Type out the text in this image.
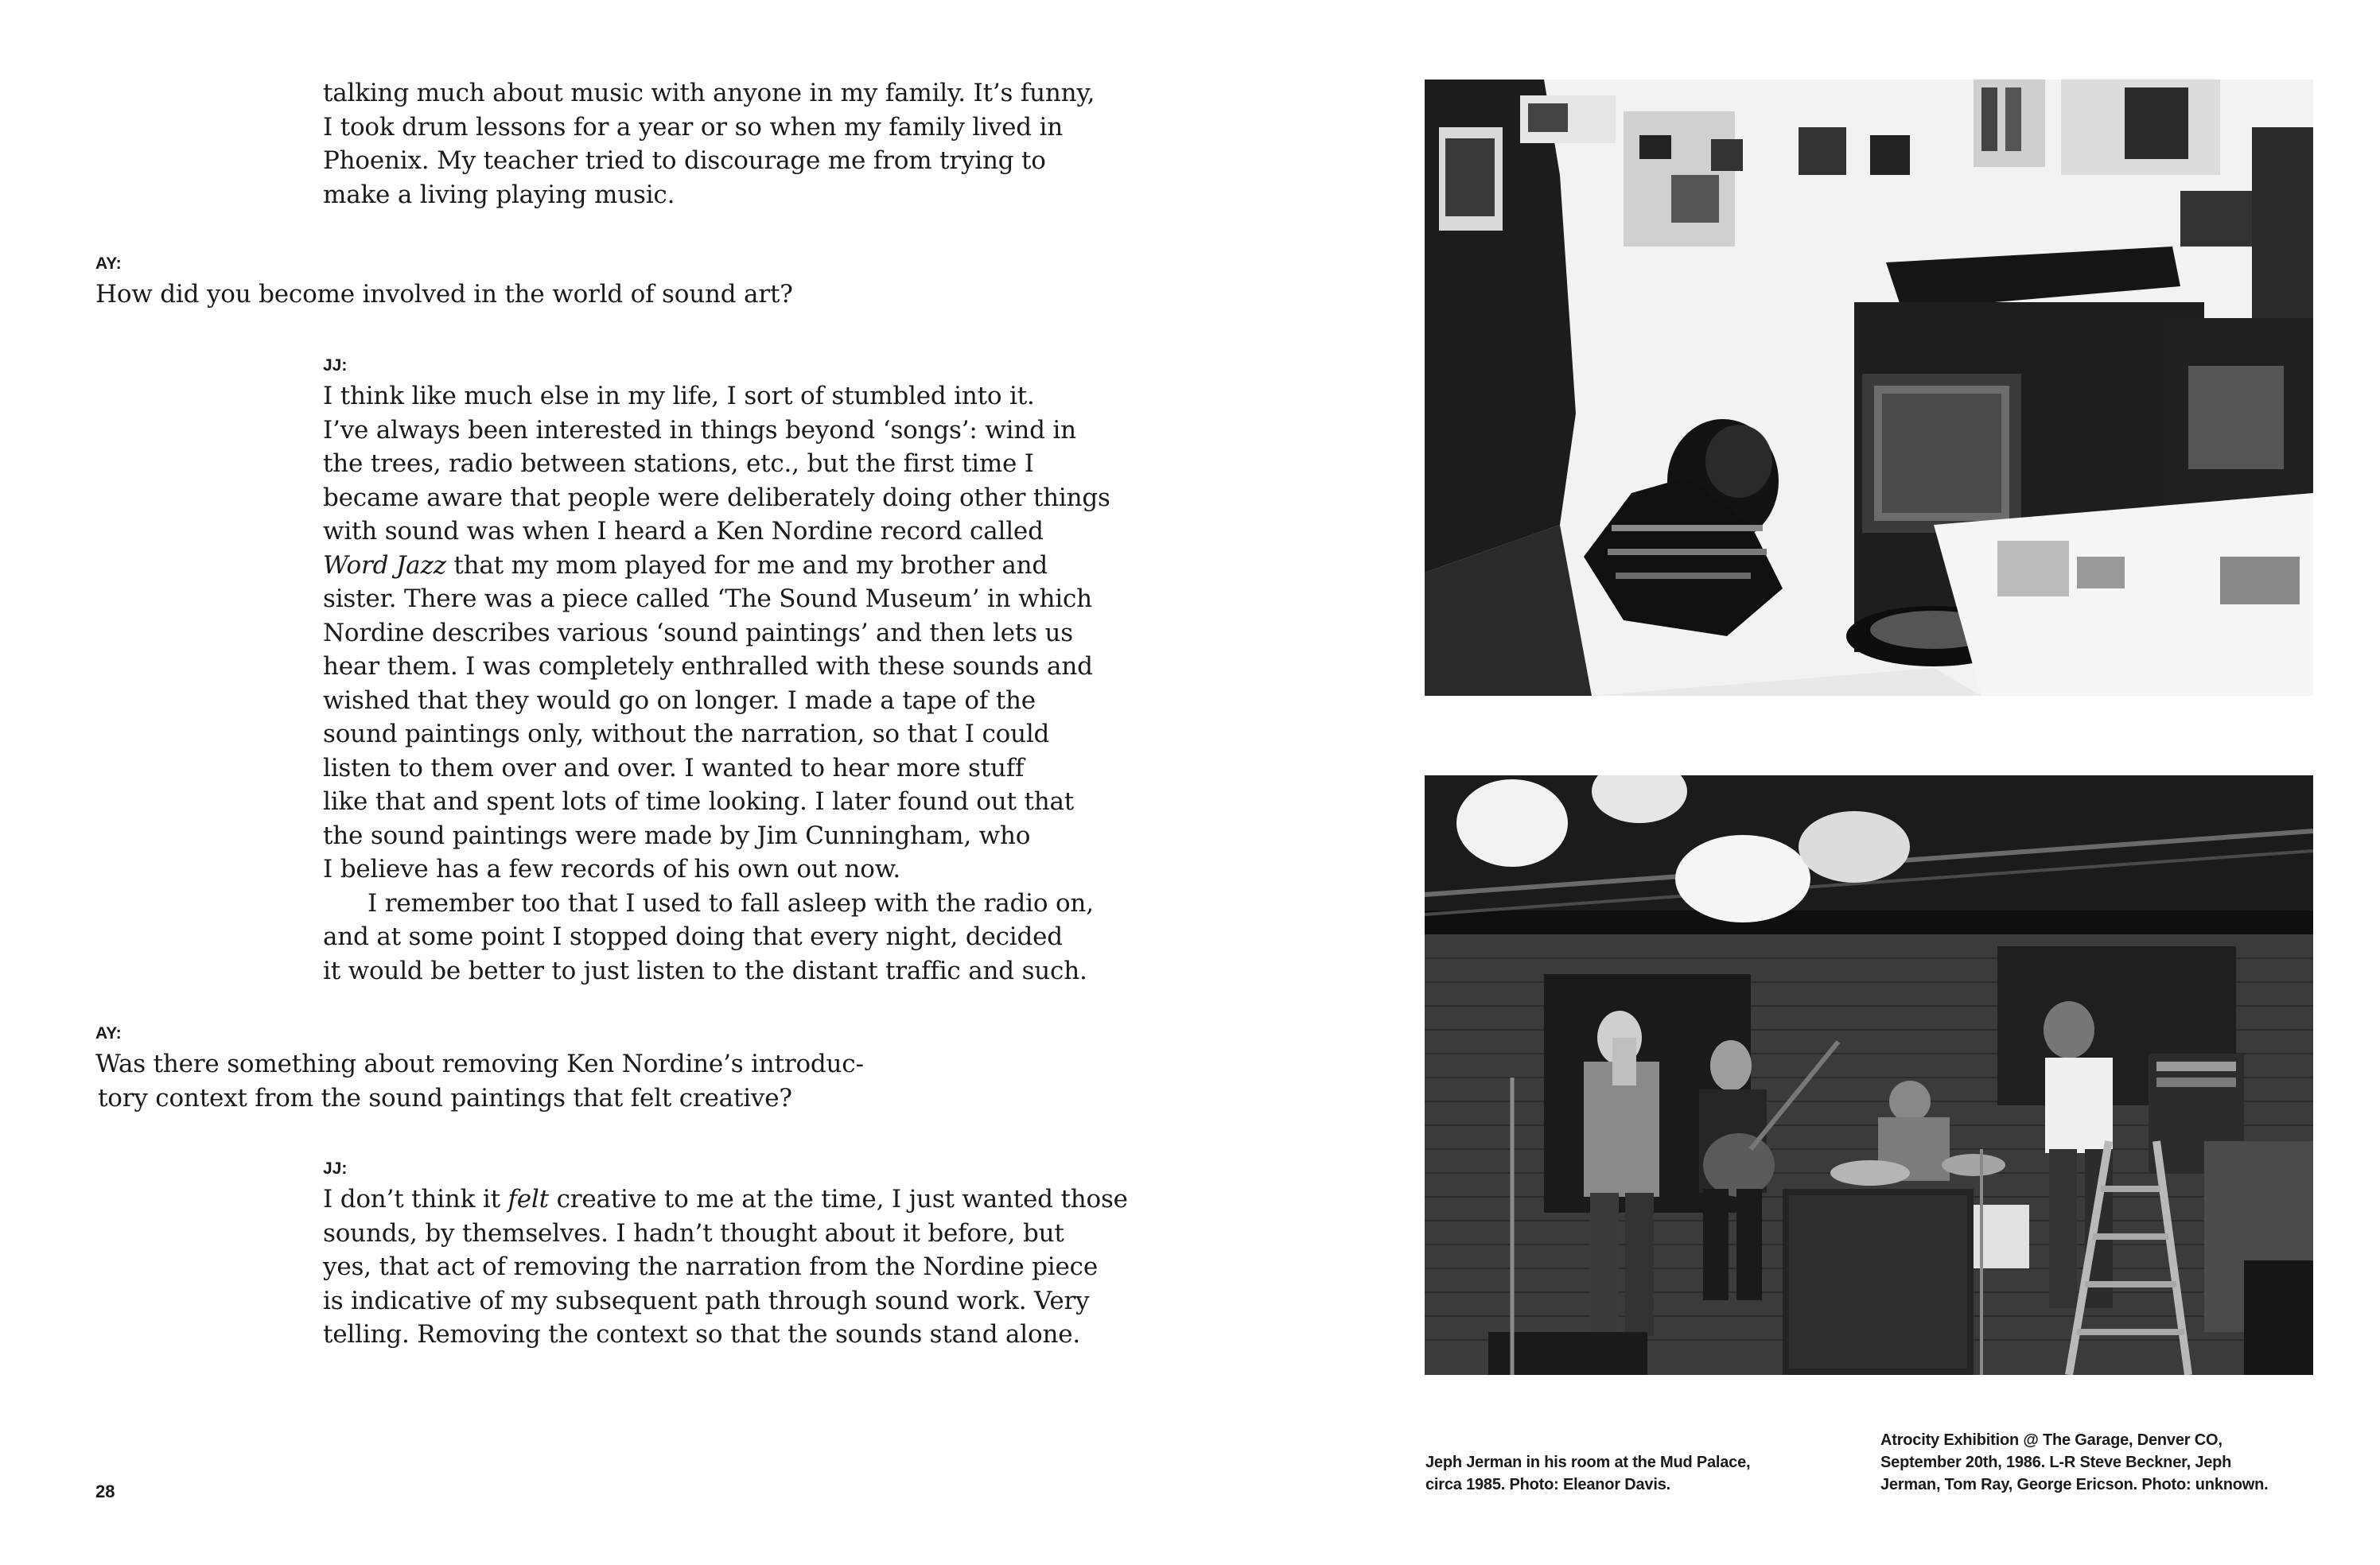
talking much about music with anyone in my family. It’s funny,
I took drum lessons for a year or so when my family lived in
Phoenix. My teacher tried to discourage me from trying to
make a living playing music.
AY:
How did you become involved in the world of sound art?
JJ:
I think like much else in my life, I sort of stumbled into it.
I’ve always been interested in things beyond ‘songs’: wind in
the trees, radio between stations, etc., but the first time I
became aware that people were deliberately doing other things
with sound was when I heard a Ken Nordine record called
Word Jazz that my mom played for me and my brother and
sister. There was a piece called ‘The Sound Museum’ in which
Nordine describes various ‘sound paintings’ and then lets us
hear them. I was completely enthralled with these sounds and
wished that they would go on longer. I made a tape of the
sound paintings only, without the narration, so that I could
listen to them over and over. I wanted to hear more stuff
like that and spent lots of time looking. I later found out that
the sound paintings were made by Jim Cunningham, who
I believe has a few records of his own out now.
I remember too that I used to fall asleep with the radio on,
and at some point I stopped doing that every night, decided
it would be better to just listen to the distant traffic and such.
AY:
Was there something about removing Ken Nordine’s introduc-
tory context from the sound paintings that felt creative?
JJ:
I don’t think it felt creative to me at the time, I just wanted those
sounds, by themselves. I hadn’t thought about it before, but
yes, that act of removing the narration from the Nordine piece
is indicative of my subsequent path through sound work. Very
telling. Removing the context so that the sounds stand alone.
28
Jeph Jerman in his room at the Mud Palace,
circa 1985. Photo: Eleanor Davis.
Atrocity Exhibition @ The Garage, Denver CO,
September 20th, 1986. L-R Steve Beckner, Jeph
Jerman, Tom Ray, George Ericson. Photo: unknown.
